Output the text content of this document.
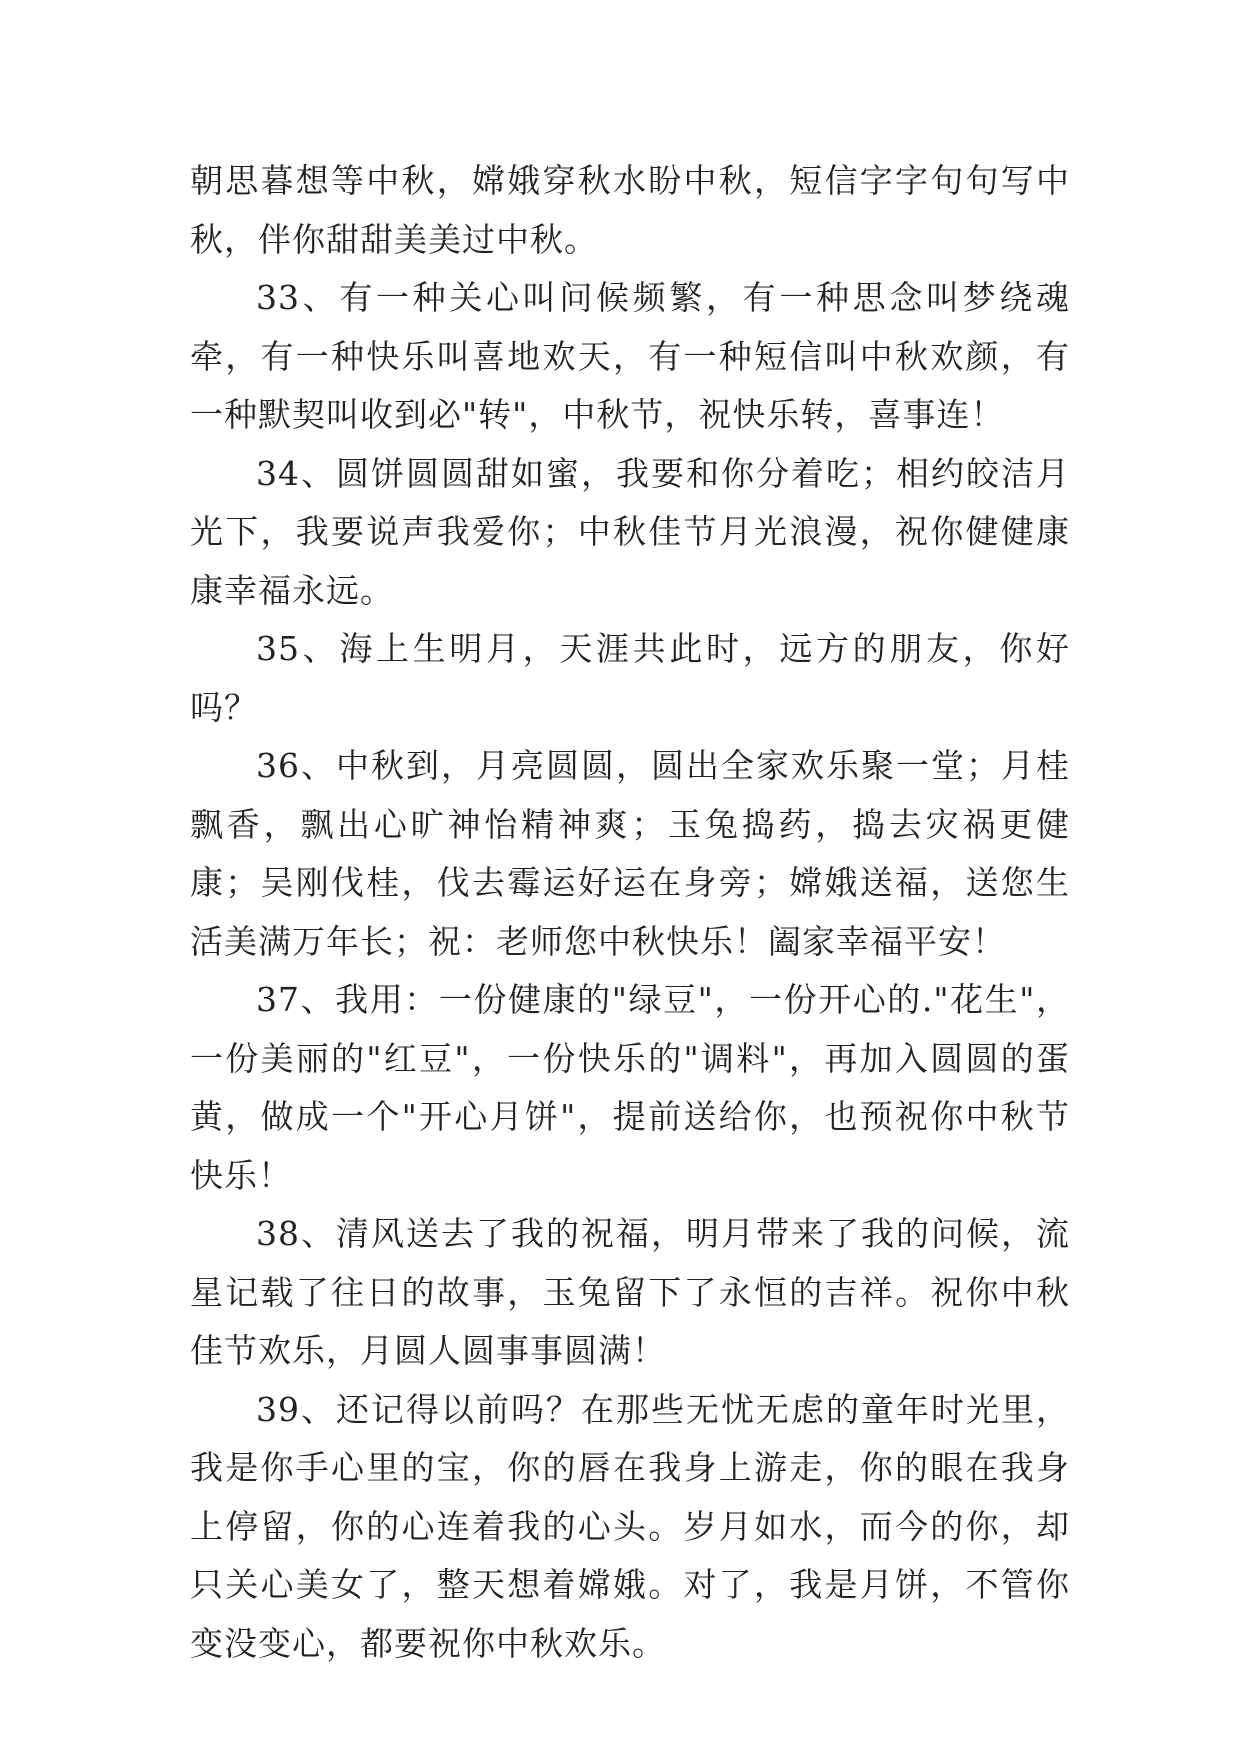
朝思暮想等中秋，嫦娥穿秋水盼中秋，短信字字句句写中秋，伴你甜甜美美过中秋。

33、有一种关心叫问候频繁，有一种思念叫梦绕魂牵，有一种快乐叫喜地欢天，有一种短信叫中秋欢颜，有一种默契叫收到必"转"，中秋节，祝快乐转，喜事连！

34、圆饼圆圆甜如蜜，我要和你分着吃；相约皎洁月光下，我要说声我爱你；中秋佳节月光浪漫，祝你健健康康幸福永远。

35、海上生明月，天涯共此时，远方的朋友，你好吗？

36、中秋到，月亮圆圆，圆出全家欢乐聚一堂；月桂飘香，飘出心旷神怡精神爽；玉兔捣药，捣去灾祸更健康；吴刚伐桂，伐去霉运好运在身旁；嫦娥送福，送您生活美满万年长；祝：老师您中秋快乐！阖家幸福平安！

37、我用：一份健康的"绿豆"，一份开心的."花生"，一份美丽的"红豆"，一份快乐的"调料"，再加入圆圆的蛋黄，做成一个"开心月饼"，提前送给你，也预祝你中秋节快乐！

38、清风送去了我的祝福，明月带来了我的问候，流星记载了往日的故事，玉兔留下了永恒的吉祥。祝你中秋佳节欢乐，月圆人圆事事圆满！

39、还记得以前吗？在那些无忧无虑的童年时光里，我是你手心里的宝，你的唇在我身上游走，你的眼在我身上停留，你的心连着我的心头。岁月如水，而今的你，却只关心美女了，整天想着嫦娥。对了，我是月饼，不管你变没变心，都要祝你中秋欢乐。
